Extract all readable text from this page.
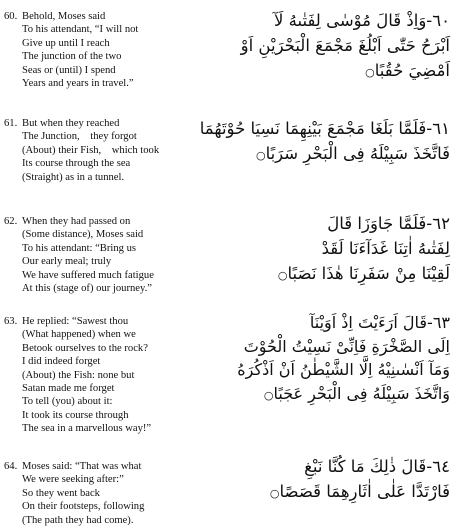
60. Behold, Moses said
To his attendant, “I will not
Give up until I reach
The junction of the two
Seas or (until) I spend
Years and years in travel.”
٦٠-وَاِذْ قَالَ مُوْسٰى لِفَتٰىهُ لَآ
اَبْرَحُ حَتّٰى اَبْلُغَ مَجْمَعَ الْبَحْرَيْنِ اَوْ
اَمْضِيَ حُقُبًا○
61. But when they reached
The Junction,    they forgot
(About) their Fish,    which took
Its course through the sea
(Straight) as in a tunnel.
٦١-فَلَمَّا بَلَغَا مَجْمَعَ بَيْنِهِمَا نَسِيَا حُوْتَهُمَا
فَاتَّخَذَ سَبِيْلَهُ فِى الْبَحْرِ سَرَبًا○
62. When they had passed on
(Some distance), Moses said
To his attendant: “Bring us
Our early meal; truly
We have suffered much fatigue
At this (stage of) our journey.”
٦٢-فَلَمَّا جَاوَزَا قَالَ
لِفَتٰىهُ اٰتِنَا غَدَآءَنَا لَقَدْ
لَقِيْنَا مِنْ سَفَرِنَا هٰذَا نَصَبًا○
63. He replied: “Sawest thou
(What happened) when we
Betook ourselves to the rock?
I did indeed forget
(About) the Fish: none but
Satan made me forget
To tell (you) about it:
It took its course through
The sea in a marvellous way!”
٦٣-قَالَ اَرَءَيْتَ اِذْ اَوَيْنَآ
اِلَى الصَّخْرَةِ فَاِنِّىْ نَسِيْتُ الْحُوْتَ
وَمَآ اَنْسٰىنِيْهُ اِلَّا الشَّيْطٰنُ اَنْ اَذْكُرَهُ
وَاتَّخَذَ سَبِيْلَهُ فِى الْبَحْرِ عَجَبًا○
64. Moses said: “That was what
We were seeking after:”
So they went back
On their footsteps, following
(The path they had come).
٦٤-قَالَ ذٰلِكَ مَا كُنَّا نَبْغِ
فَارْتَدَّا عَلٰى اٰثَارِهِمَا قَصَصًا○
